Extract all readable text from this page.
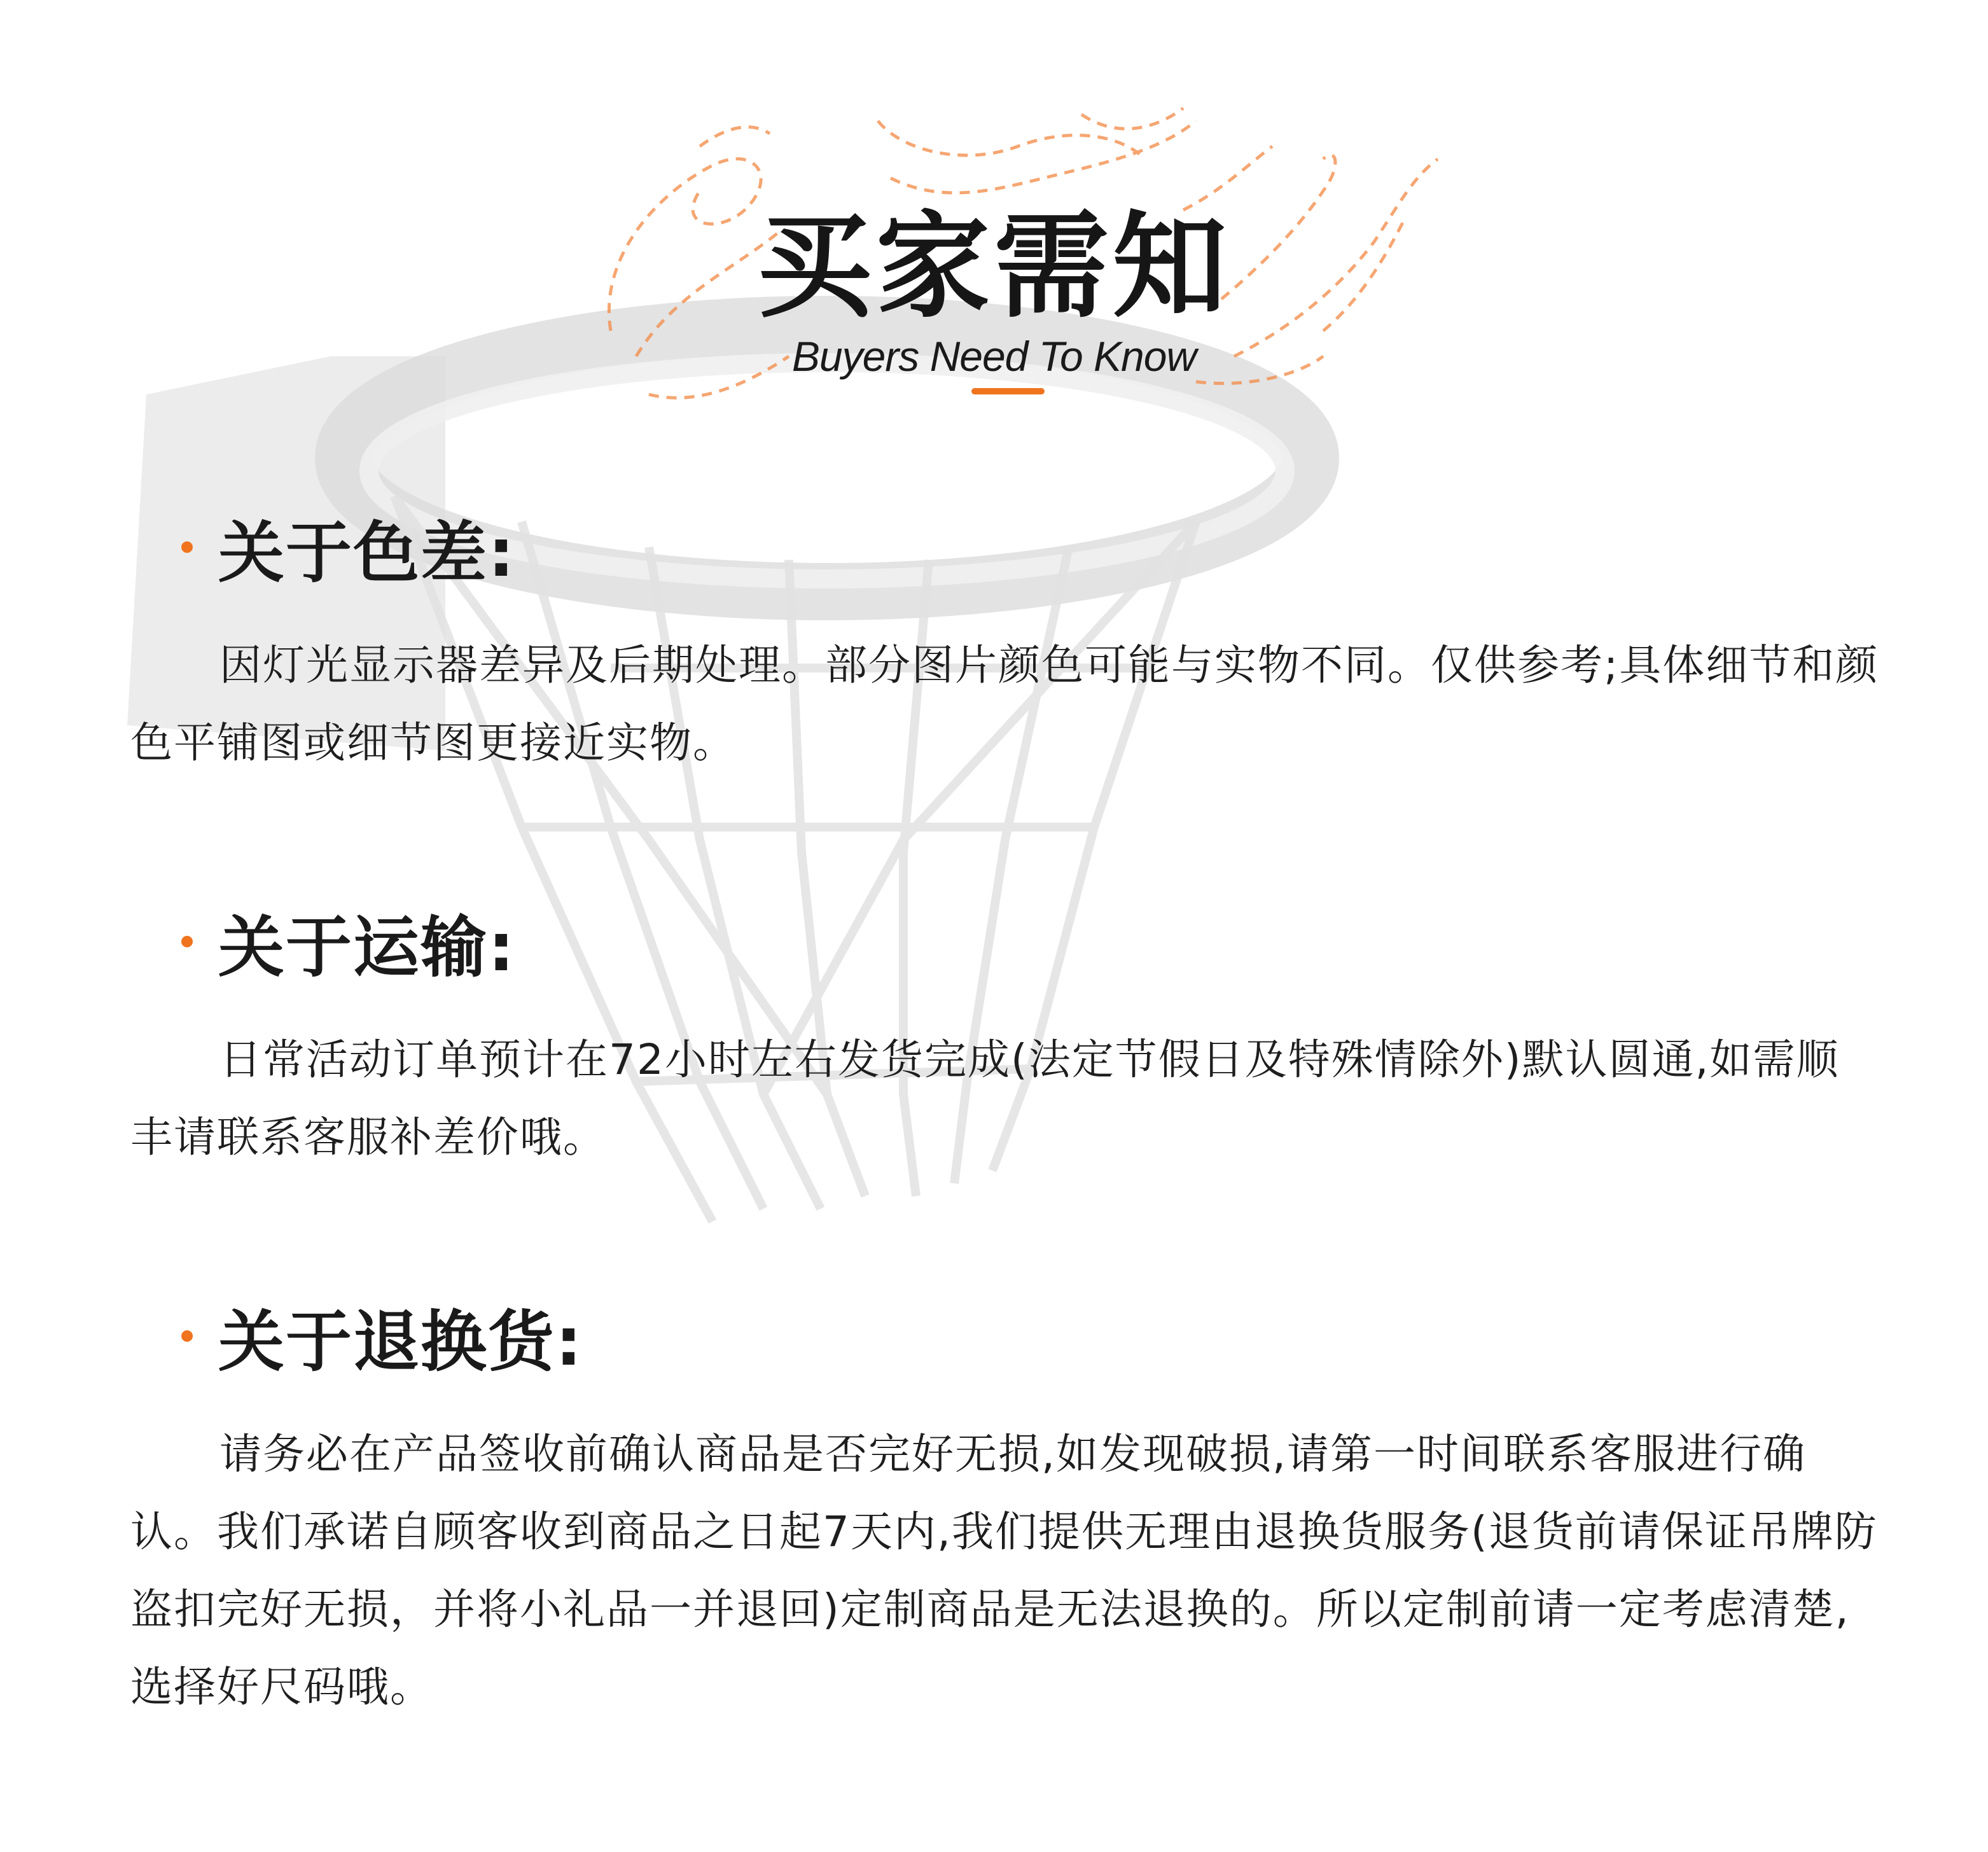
买家需知
Buyers Need To Know
关于色差:
因灯光显示器差异及后期处理。部分图片颜色可能与实物不同。仅供参考;具体细节和颜色平铺图或细节图更接近实物。
关于运输:
日常活动订单预计在72小时左右发货完成(法定节假日及特殊情除外)默认圆通,如需顺丰请联系客服补差价哦。
关于退换货:
请务必在产品签收前确认商品是否完好无损,如发现破损,请第一时间联系客服进行确认。我们承诺自顾客收到商品之日起7天内,我们提供无理由退换货服务(退货前请保证吊牌防盗扣完好无损，并将小礼品一并退回)定制商品是无法退换的。所以定制前请一定考虑清楚,选择好尺码哦。
